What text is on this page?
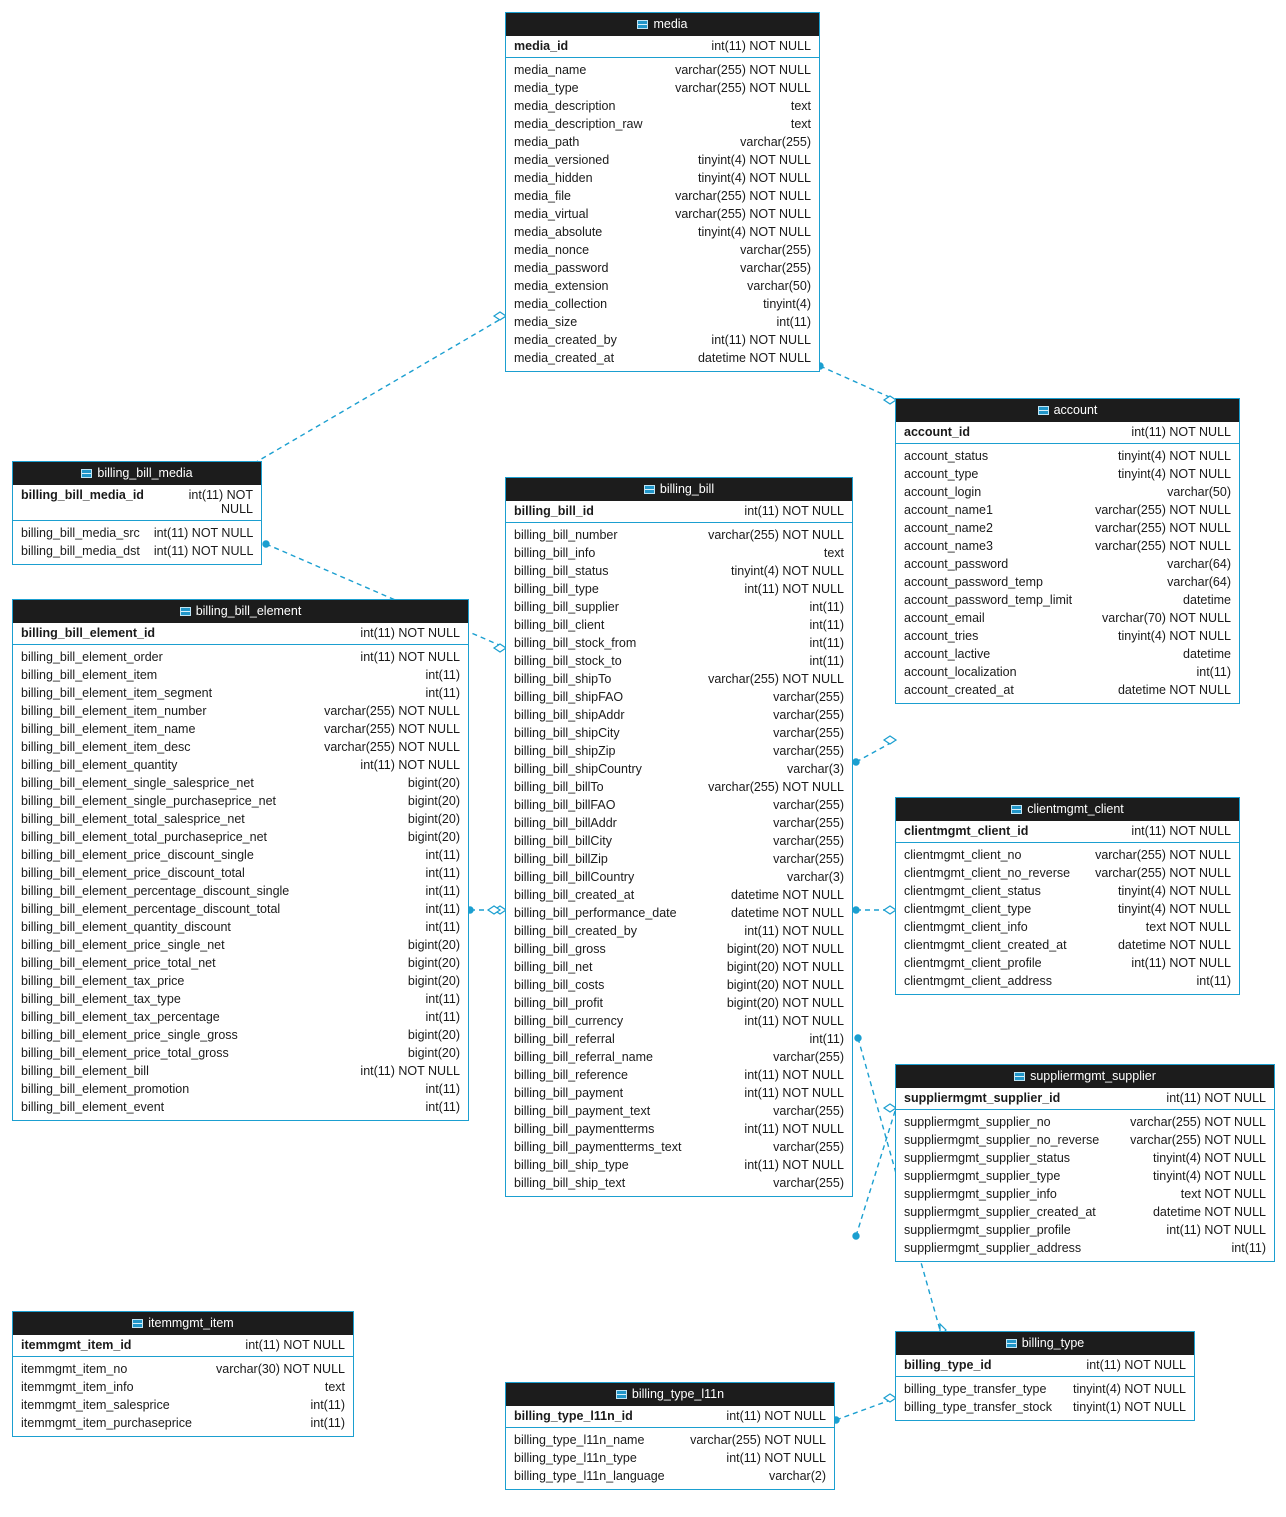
media
media_id	int(11) NOT NULL
media_name	varchar(255) NOT NULL
media_type	varchar(255) NOT NULL
media_description	text
media_description_raw	text
media_path	varchar(255)
media_versioned	tinyint(4) NOT NULL
media_hidden	tinyint(4) NOT NULL
media_file	varchar(255) NOT NULL
media_virtual	varchar(255) NOT NULL
media_absolute	tinyint(4) NOT NULL
media_nonce	varchar(255)
media_password	varchar(255)
media_extension	varchar(50)
media_collection	tinyint(4)
media_size	int(11)
media_created_by	int(11) NOT NULL
media_created_at	datetime NOT NULL
account
account_id	int(11) NOT NULL
account_status	tinyint(4) NOT NULL
account_type	tinyint(4) NOT NULL
account_login	varchar(50)
account_name1	varchar(255) NOT NULL
account_name2	varchar(255) NOT NULL
account_name3	varchar(255) NOT NULL
account_password	varchar(64)
account_password_temp	varchar(64)
account_password_temp_limit	datetime
account_email	varchar(70) NOT NULL
account_tries	tinyint(4) NOT NULL
account_lactive	datetime
account_localization	int(11)
account_created_at	datetime NOT NULL
billing_bill_media
billing_bill_media_id	int(11) NOT NULL
billing_bill_media_src	int(11) NOT NULL
billing_bill_media_dst	int(11) NOT NULL
billing_bill
billing_bill_id	int(11) NOT NULL
billing_bill_number	varchar(255) NOT NULL
billing_bill_info	text
billing_bill_status	tinyint(4) NOT NULL
billing_bill_type	int(11) NOT NULL
billing_bill_supplier	int(11)
billing_bill_client	int(11)
billing_bill_stock_from	int(11)
billing_bill_stock_to	int(11)
billing_bill_shipTo	varchar(255) NOT NULL
billing_bill_shipFAO	varchar(255)
billing_bill_shipAddr	varchar(255)
billing_bill_shipCity	varchar(255)
billing_bill_shipZip	varchar(255)
billing_bill_shipCountry	varchar(3)
billing_bill_billTo	varchar(255) NOT NULL
billing_bill_billFAO	varchar(255)
billing_bill_billAddr	varchar(255)
billing_bill_billCity	varchar(255)
billing_bill_billZip	varchar(255)
billing_bill_billCountry	varchar(3)
billing_bill_created_at	datetime NOT NULL
billing_bill_performance_date	datetime NOT NULL
billing_bill_created_by	int(11) NOT NULL
billing_bill_gross	bigint(20) NOT NULL
billing_bill_net	bigint(20) NOT NULL
billing_bill_costs	bigint(20) NOT NULL
billing_bill_profit	bigint(20) NOT NULL
billing_bill_currency	int(11) NOT NULL
billing_bill_referral	int(11)
billing_bill_referral_name	varchar(255)
billing_bill_reference	int(11) NOT NULL
billing_bill_payment	int(11) NOT NULL
billing_bill_payment_text	varchar(255)
billing_bill_paymentterms	int(11) NOT NULL
billing_bill_paymentterms_text	varchar(255)
billing_bill_ship_type	int(11) NOT NULL
billing_bill_ship_text	varchar(255)
billing_bill_element
billing_bill_element_id	int(11) NOT NULL
billing_bill_element_order	int(11) NOT NULL
billing_bill_element_item	int(11)
billing_bill_element_item_segment	int(11)
billing_bill_element_item_number	varchar(255) NOT NULL
billing_bill_element_item_name	varchar(255) NOT NULL
billing_bill_element_item_desc	varchar(255) NOT NULL
billing_bill_element_quantity	int(11) NOT NULL
billing_bill_element_single_salesprice_net	bigint(20)
billing_bill_element_single_purchaseprice_net	bigint(20)
billing_bill_element_total_salesprice_net	bigint(20)
billing_bill_element_total_purchaseprice_net	bigint(20)
billing_bill_element_price_discount_single	int(11)
billing_bill_element_price_discount_total	int(11)
billing_bill_element_percentage_discount_single	int(11)
billing_bill_element_percentage_discount_total	int(11)
billing_bill_element_quantity_discount	int(11)
billing_bill_element_price_single_net	bigint(20)
billing_bill_element_price_total_net	bigint(20)
billing_bill_element_tax_price	bigint(20)
billing_bill_element_tax_type	int(11)
billing_bill_element_tax_percentage	int(11)
billing_bill_element_price_single_gross	bigint(20)
billing_bill_element_price_total_gross	bigint(20)
billing_bill_element_bill	int(11) NOT NULL
billing_bill_element_promotion	int(11)
billing_bill_element_event	int(11)
clientmgmt_client
clientmgmt_client_id	int(11) NOT NULL
clientmgmt_client_no	varchar(255) NOT NULL
clientmgmt_client_no_reverse	varchar(255) NOT NULL
clientmgmt_client_status	tinyint(4) NOT NULL
clientmgmt_client_type	tinyint(4) NOT NULL
clientmgmt_client_info	text NOT NULL
clientmgmt_client_created_at	datetime NOT NULL
clientmgmt_client_profile	int(11) NOT NULL
clientmgmt_client_address	int(11)
suppliermgmt_supplier
suppliermgmt_supplier_id	int(11) NOT NULL
suppliermgmt_supplier_no	varchar(255) NOT NULL
suppliermgmt_supplier_no_reverse	varchar(255) NOT NULL
suppliermgmt_supplier_status	tinyint(4) NOT NULL
suppliermgmt_supplier_type	tinyint(4) NOT NULL
suppliermgmt_supplier_info	text NOT NULL
suppliermgmt_supplier_created_at	datetime NOT NULL
suppliermgmt_supplier_profile	int(11) NOT NULL
suppliermgmt_supplier_address	int(11)
itemmgmt_item
itemmgmt_item_id	int(11) NOT NULL
itemmgmt_item_no	varchar(30) NOT NULL
itemmgmt_item_info	text
itemmgmt_item_salesprice	int(11)
itemmgmt_item_purchaseprice	int(11)
billing_type
billing_type_id	int(11) NOT NULL
billing_type_transfer_type	tinyint(4) NOT NULL
billing_type_transfer_stock	tinyint(1) NOT NULL
billing_type_l11n
billing_type_l11n_id	int(11) NOT NULL
billing_type_l11n_name	varchar(255) NOT NULL
billing_type_l11n_type	int(11) NOT NULL
billing_type_l11n_language	varchar(2)
